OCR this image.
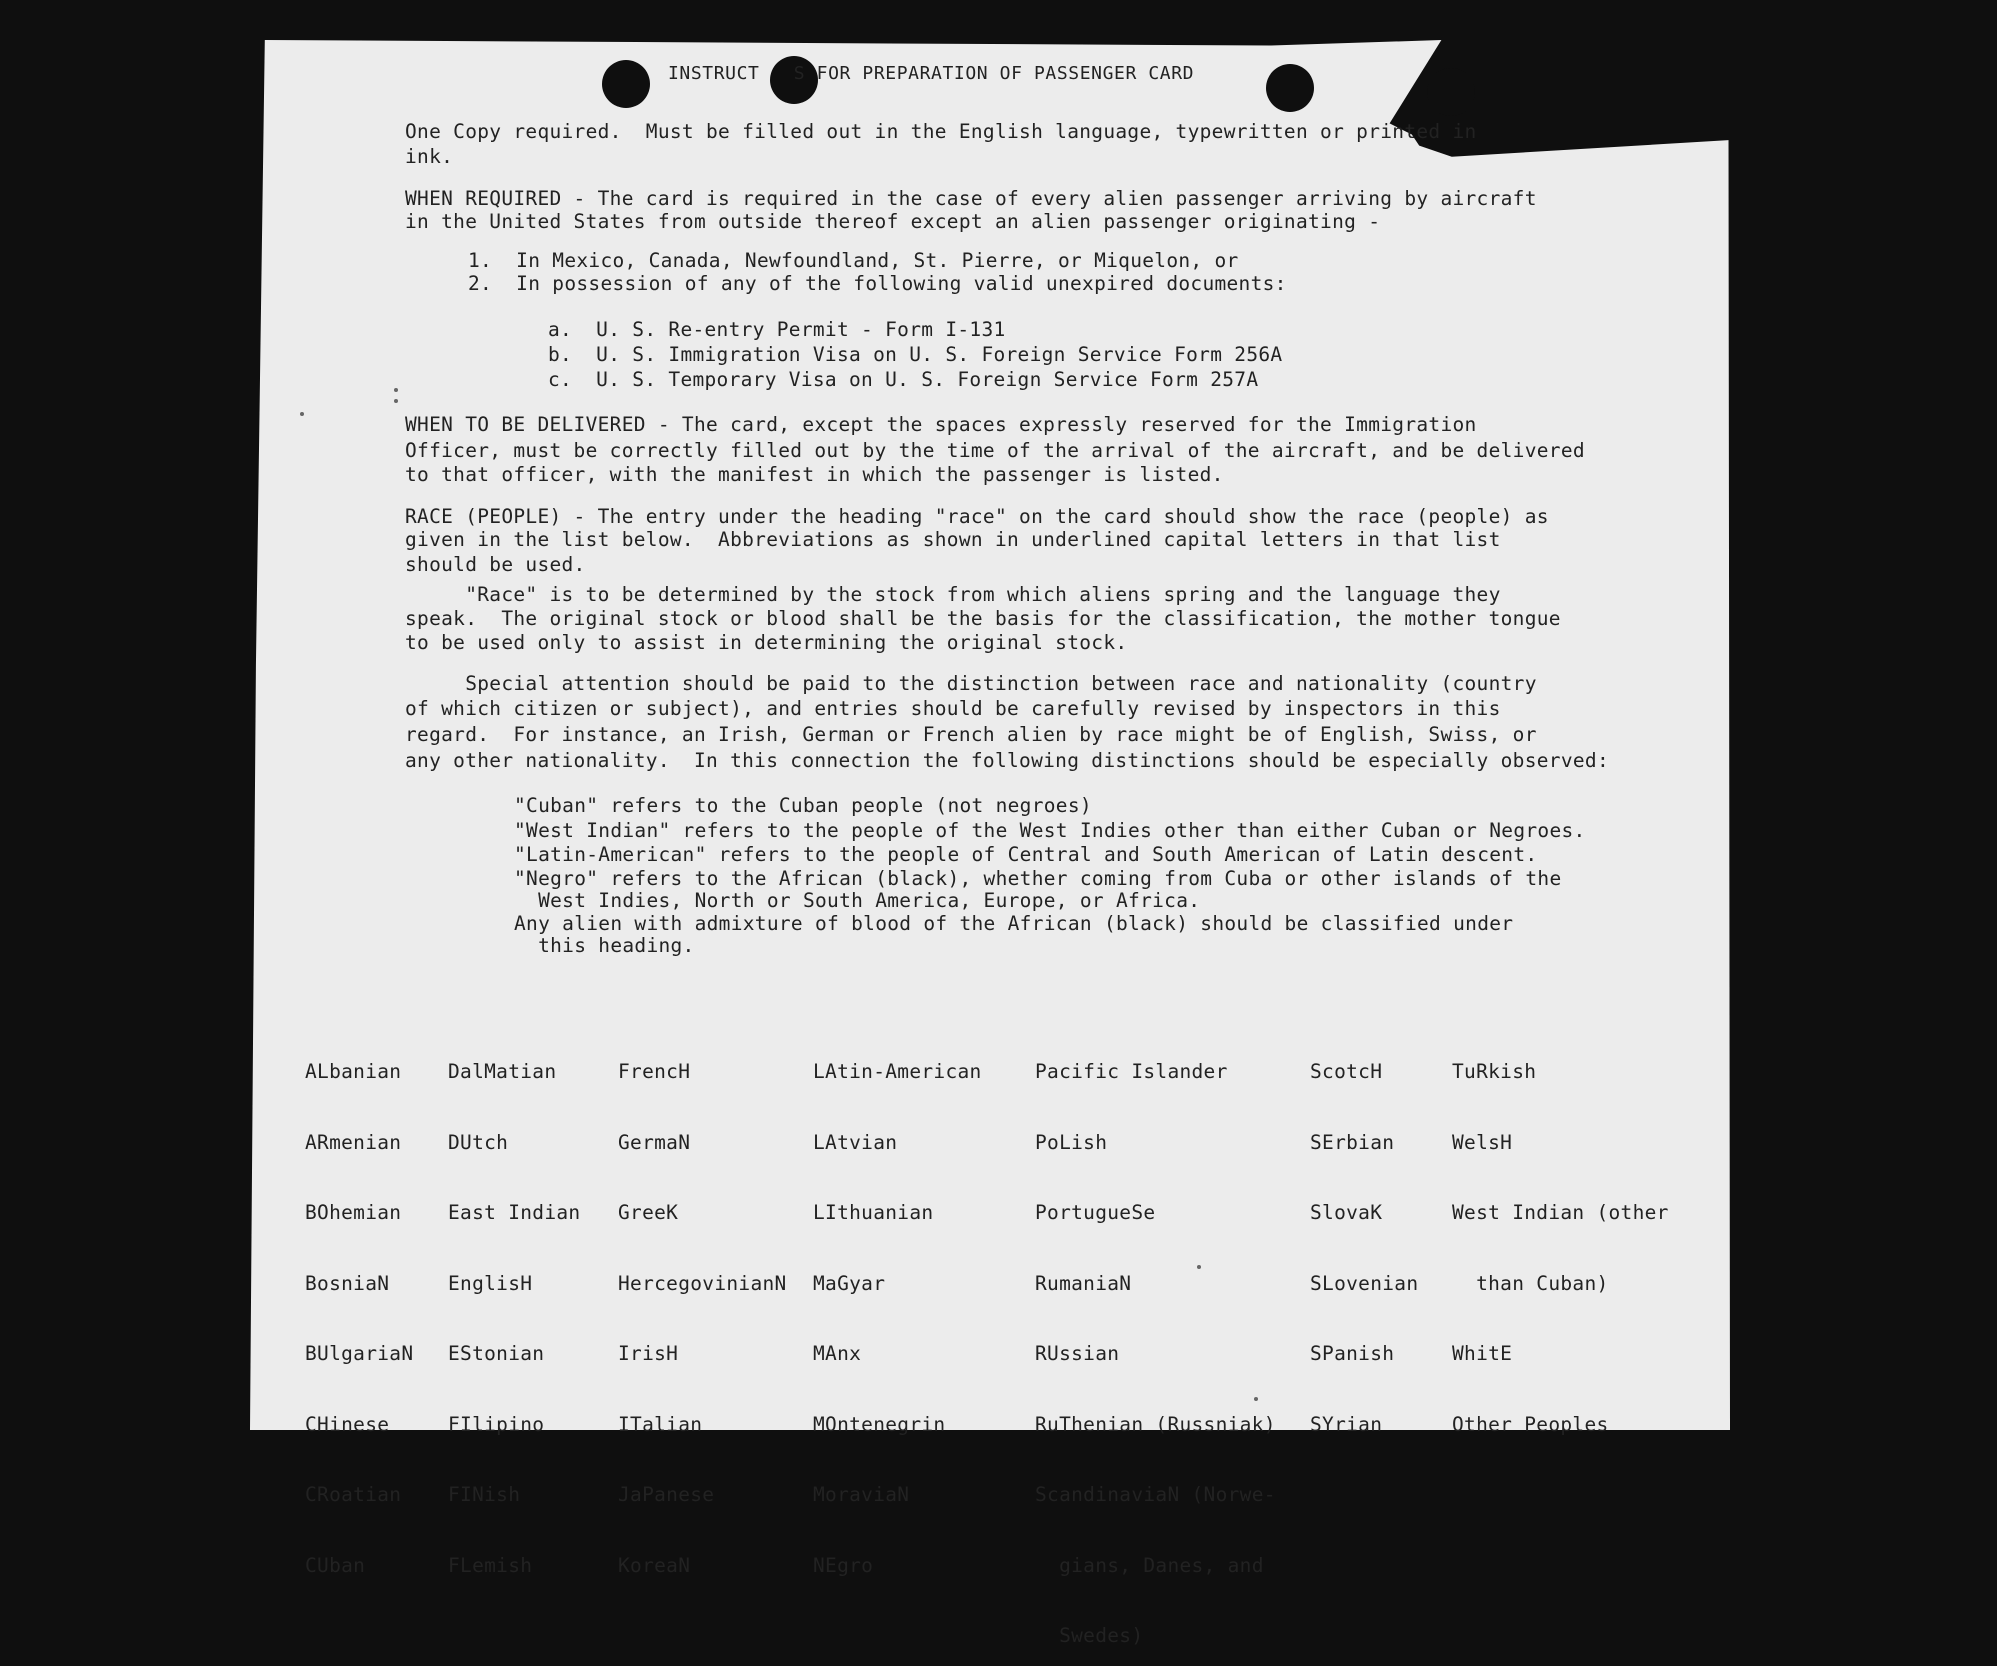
INSTRUCT   S FOR PREPARATION OF PASSENGER CARD
One Copy required.  Must be filled out in the English language, typewritten or printed in
ink.
WHEN REQUIRED - The card is required in the case of every alien passenger arriving by aircraft
in the United States from outside thereof except an alien passenger originating -
1.  In Mexico, Canada, Newfoundland, St. Pierre, or Miquelon, or
2.  In possession of any of the following valid unexpired documents:
a.  U. S. Re-entry Permit - Form I-131
b.  U. S. Immigration Visa on U. S. Foreign Service Form 256A
c.  U. S. Temporary Visa on U. S. Foreign Service Form 257A
WHEN TO BE DELIVERED - The card, except the spaces expressly reserved for the Immigration
Officer, must be correctly filled out by the time of the arrival of the aircraft, and be delivered
to that officer, with the manifest in which the passenger is listed.
RACE (PEOPLE) - The entry under the heading "race" on the card should show the race (people) as
given in the list below.  Abbreviations as shown in underlined capital letters in that list
should be used.
"Race" is to be determined by the stock from which aliens spring and the language they
speak.  The original stock or blood shall be the basis for the classification, the mother tongue
to be used only to assist in determining the original stock.
Special attention should be paid to the distinction between race and nationality (country
of which citizen or subject), and entries should be carefully revised by inspectors in this
regard.  For instance, an Irish, German or French alien by race might be of English, Swiss, or
any other nationality.  In this connection the following distinctions should be especially observed:
"Cuban" refers to the Cuban people (not negroes)
"West Indian" refers to the people of the West Indies other than either Cuban or Negroes.
"Latin-American" refers to the people of Central and South American of Latin descent.
"Negro" refers to the African (black), whether coming from Cuba or other islands of the
West Indies, North or South America, Europe, or Africa.
Any alien with admixture of blood of the African (black) should be classified under
this heading.

ALbanian

ARmenian

BOhemian

BosniaN

BUlgariaN

CHinese

CRoatian

CUban

DalMatian

DUtch

East Indian

EnglisH

EStonian

FIlipino

FINish

FLemish

FrencH

GermaN

GreeK

HercegovinianN

IrisH

ITalian

JaPanese

KoreaN

LAtin-American

LAtvian

LIthuanian

MaGyar

MAnx

MOntenegrin

MoraviaN

NEgro

Pacific Islander

PoLish

PortugueSe

RumaniaN

RUssian

RuThenian (Russniak)

ScandinaviaN (Norwe-

gians, Danes, and

Swedes)

ScotcH

SErbian

SlovaK

SLovenian

SPanish

SYrian

TuRkish

WelsH

West Indian (other

than Cuban)

WhitE

Other Peoples
